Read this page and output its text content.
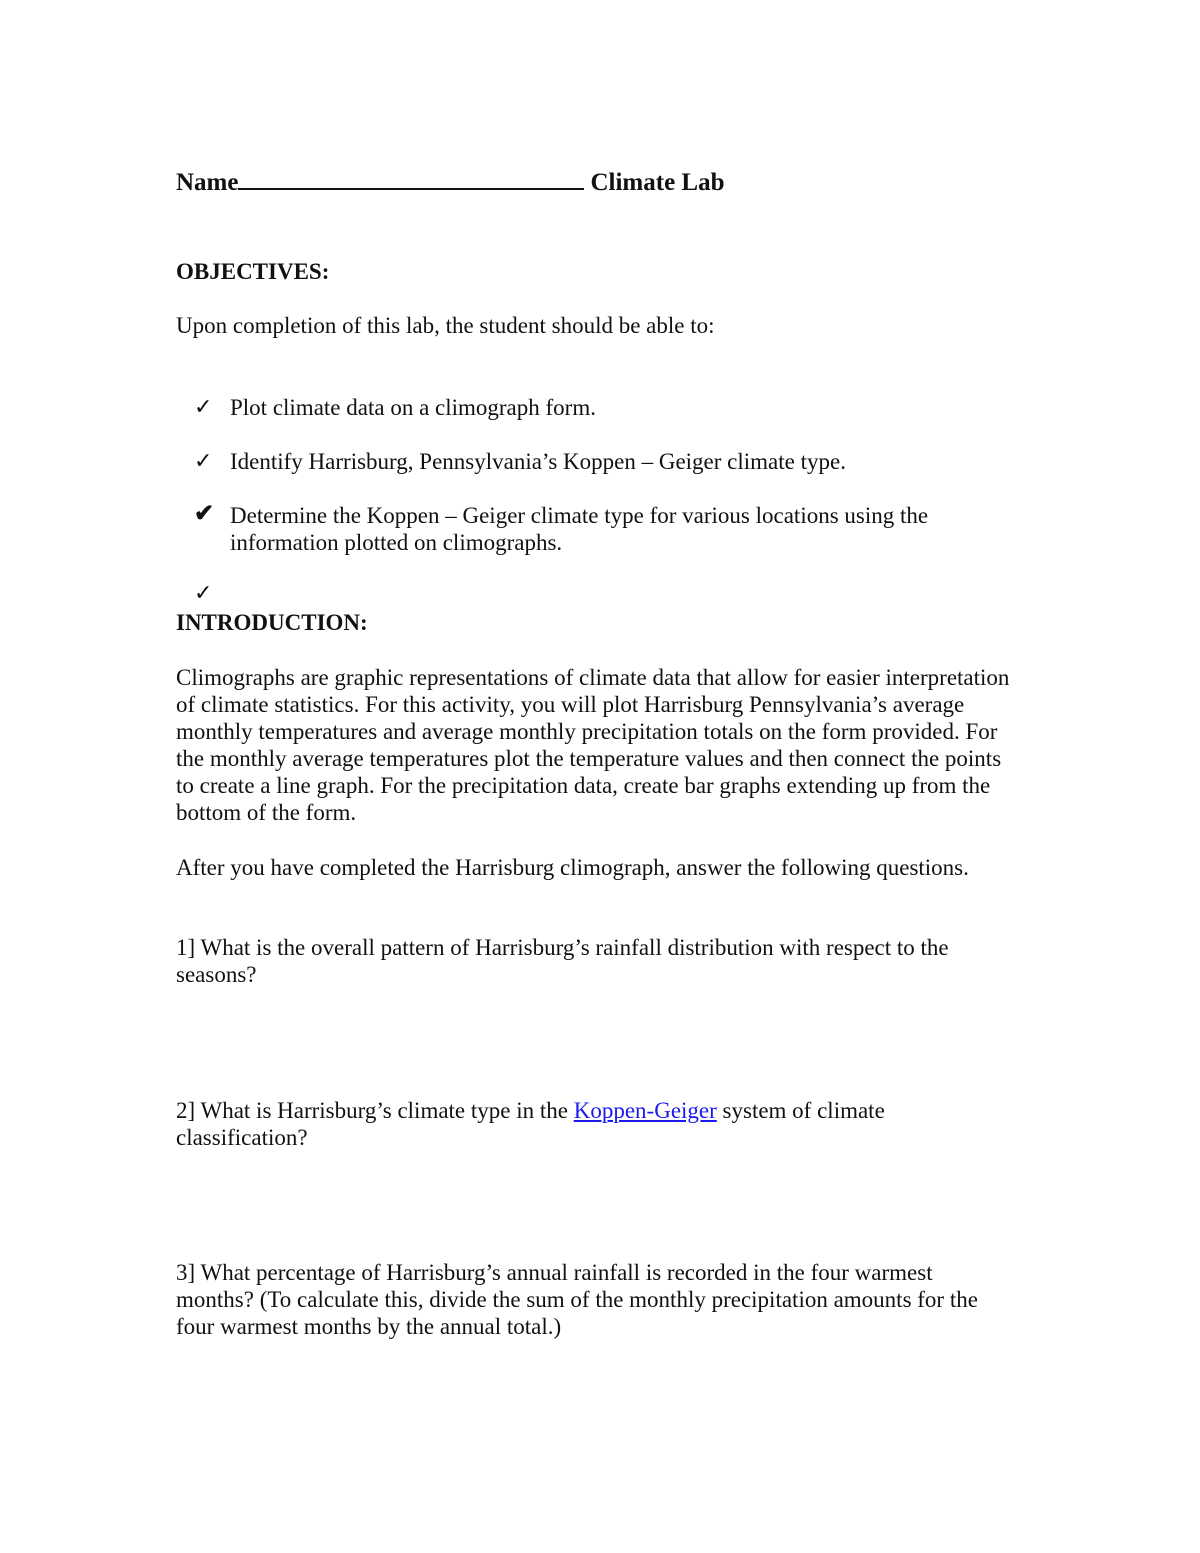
Name	Climate Lab
OBJECTIVES:
Upon completion of this lab, the student should be able to:
✓ Plot climate data on a climograph form.
✓ Identify Harrisburg, Pennsylvania’s Koppen – Geiger climate type.
✔ Determine the Koppen – Geiger climate type for various locations using the information plotted on climographs.
✓
INTRODUCTION:
Climographs are graphic representations of climate data that allow for easier interpretation of climate statistics. For this activity, you will plot Harrisburg Pennsylvania’s average monthly temperatures and average monthly precipitation totals on the form provided. For the monthly average temperatures plot the temperature values and then connect the points to create a line graph. For the precipitation data, create bar graphs extending up from the bottom of the form.
After you have completed the Harrisburg climograph, answer the following questions.
1] What is the overall pattern of Harrisburg’s rainfall distribution with respect to the seasons?
2] What is Harrisburg’s climate type in the Koppen-Geiger system of climate classification?
3] What percentage of Harrisburg’s annual rainfall is recorded in the four warmest months? (To calculate this, divide the sum of the monthly precipitation amounts for the four warmest months by the annual total.)
